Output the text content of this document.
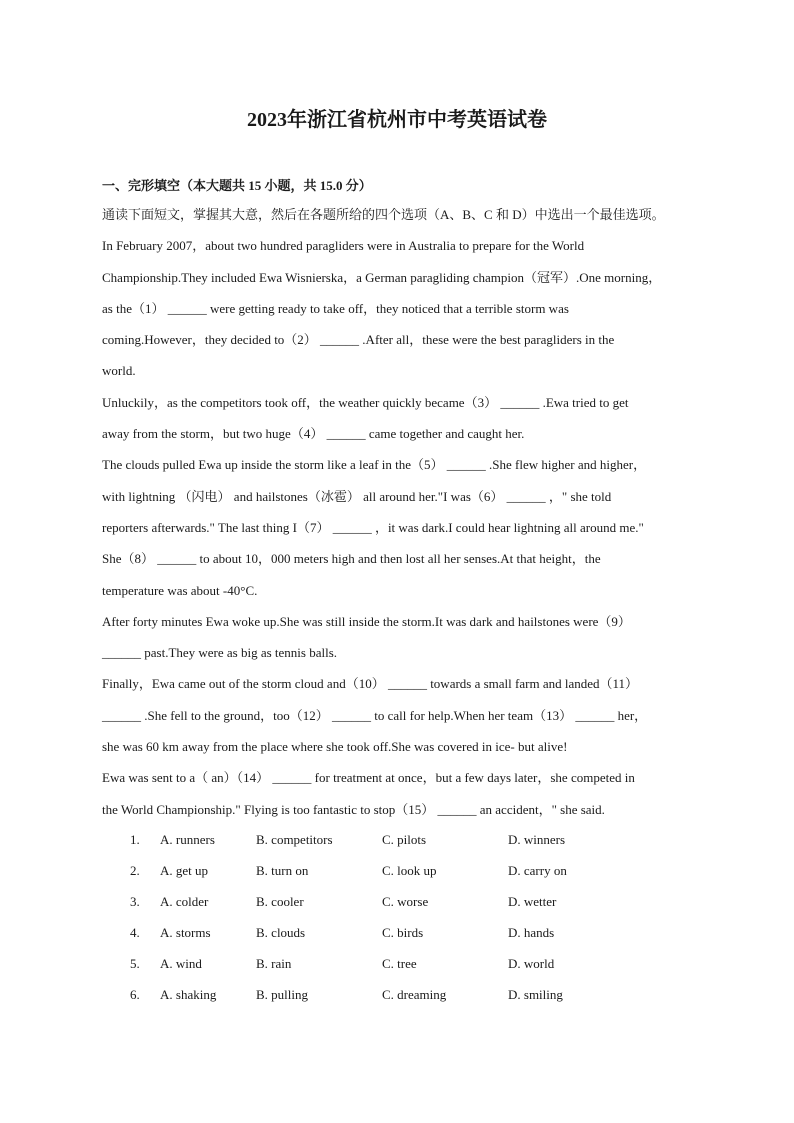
2023年浙江省杭州市中考英语试卷

一、完形填空（本大题共 15 小题，共 15.0 分）

通读下面短文，掌握其大意，然后在各题所给的四个选项（A、B、C 和 D）中选出一个最佳选项。
In February 2007，about two hundred paragliders were in Australia to prepare for the World
Championship.They included Ewa Wisnierska，a German paragliding champion（冠军）.One morning，
as the（1） ______ were getting ready to take off，they noticed that a terrible storm was
coming.However，they decided to（2） ______ .After all，these were the best paragliders in the
world.
Unluckily，as the competitors took off，the weather quickly became（3） ______ .Ewa tried to get
away from the storm，but two huge（4） ______ came together and caught her.
The clouds pulled Ewa up inside the storm like a leaf in the（5） ______ .She flew higher and higher，
with lightning （闪电） and hailstones（冰雹） all around her."I was（6） ______ ，" she told
reporters afterwards." The last thing I（7） ______ ，it was dark.I could hear lightning all around me."
She（8） ______ to about 10，000 meters high and then lost all her senses.At that height，the
temperature was about -40°C.
After forty minutes Ewa woke up.She was still inside the storm.It was dark and hailstones were（9）
______ past.They were as big as tennis balls.
Finally，Ewa came out of the storm cloud and（10） ______ towards a small farm and landed（11）
______ .She fell to the ground，too（12） ______ to call for help.When her team（13） ______ her，
she was 60 km away from the place where she took off.She was covered in ice- but alive!
Ewa was sent to a（ an）（14） ______ for treatment at once，but a few days later，she competed in
the World Championship." Flying is too fantastic to stop（15） ______ an accident，" she said.
1. A. runners	B. competitors	C. pilots	D. winners
2. A. get up	B. turn on	C. look up	D. carry on
3. A. colder	B. cooler	C. worse	D. wetter
4. A. storms	B. clouds	C. birds	D. hands
5. A. wind	B. rain	C. tree	D. world
6. A. shaking	B. pulling	C. dreaming	D. smiling
